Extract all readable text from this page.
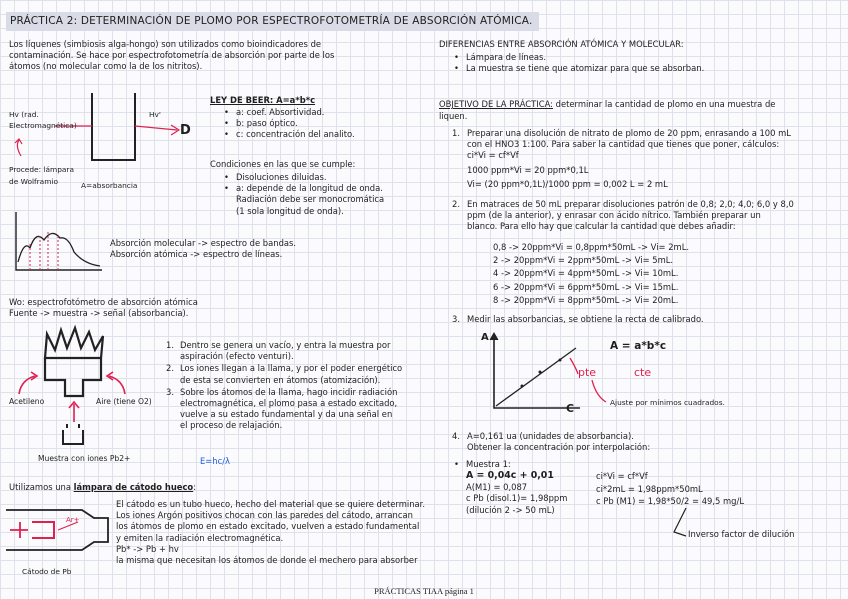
PRÁCTICA 2: DETERMINACIÓN DE PLOMO POR ESPECTROFOTOMETRÍA DE ABSORCIÓN ATÓMICA.
Los líquenes (simbiosis alga-hongo) son utilizados como bioindicadores de
contaminación. Se hace por espectrofotometría de absorción por parte de los
átomos (no molecular como la de los nitritos).
Hv (rad.
Electromagnética)
Hv'
D
Procede: lámpara
de Wolframio	A=absorbancia
LEY DE BEER: A=a*b*c
• a: coef. Absortividad.
• b: paso óptico.
• c: concentración del analito.
Condiciones en las que se cumple:
• Disoluciones diluidas.
• a: depende de la longitud de onda.
Radiación debe ser monocromática
(1 sola longitud de onda).
Absorción molecular -> espectro de bandas.
Absorción atómica -> espectro de líneas.
Wo: espectrofotómetro de absorción atómica
Fuente -> muestra -> señal (absorbancia).
Acetileno	Aire (tiene O2)
Muestra con iones Pb2+
1. Dentro se genera un vacío, y entra la muestra por
aspiración (efecto venturi).
2. Los iones llegan a la llama, y por el poder energético
de esta se convierten en átomos (atomización).
3. Sobre los átomos de la llama, hago incidir radiación
electromagnética, el plomo pasa a estado excitado,
vuelve a su estado fundamental y da una señal en
el proceso de relajación.
E=hc/λ
Utilizamos una lámpara de cátodo hueco:
Ar+
Cátodo de Pb
El cátodo es un tubo hueco, hecho del material que se quiere determinar.
Los iones Argón positivos chocan con las paredes del cátodo, arrancan
los átomos de plomo en estado excitado, vuelven a estado fundamental
y emiten la radiación electromagnética.
Pb* -> Pb + hv
la misma que necesitan los átomos de donde el mechero para absorber
DIFERENCIAS ENTRE ABSORCIÓN ATÓMICA Y MOLECULAR:
• Lámpara de líneas.
• La muestra se tiene que atomizar para que se absorban.
OBJETIVO DE LA PRÁCTICA: determinar la cantidad de plomo en una muestra de
liquen.
1. Preparar una disolución de nitrato de plomo de 20 ppm, enrasando a 100 mL
con el HNO3 1:100. Para saber la cantidad que tienes que poner, cálculos:
ci*Vi = cf*Vf
1000 ppm*Vi = 20 ppm*0,1L
Vi= (20 ppm*0,1L)/1000 ppm = 0,002 L = 2 mL
2. En matraces de 50 mL preparar disoluciones patrón de 0,8; 2,0; 4,0; 6,0 y 8,0
ppm (de la anterior), y enrasar con ácido nítrico. También preparar un
blanco. Para ello hay que calcular la cantidad que debes añadir:
0,8 -> 20ppm*Vi = 0,8ppm*50mL -> Vi= 2mL.
2 -> 20ppm*Vi = 2ppm*50mL -> Vi= 5mL.
4 -> 20ppm*Vi = 4ppm*50mL -> Vi= 10mL.
6 -> 20ppm*Vi = 6ppm*50mL -> Vi= 15mL.
8 -> 20ppm*Vi = 8ppm*50mL -> Vi= 20mL.
3. Medir las absorbancias, se obtiene la recta de calibrado.
A
C
A = a*b*c
pte	cte
Ajuste por mínimos cuadrados.
4. A=0,161 ua (unidades de absorbancia).
Obtener la concentración por interpolación:
• Muestra 1:
A = 0,04c + 0,01
A(M1) = 0,087
c Pb (disol.1)= 1,98ppm
(dilución 2 -> 50 mL)
ci*Vi = cf*Vf
ci*2mL = 1,98ppm*50mL
c Pb (M1) = 1,98*50/2 = 49,5 mg/L
Inverso factor de dilución
PRÁCTICAS TIAA página 1
